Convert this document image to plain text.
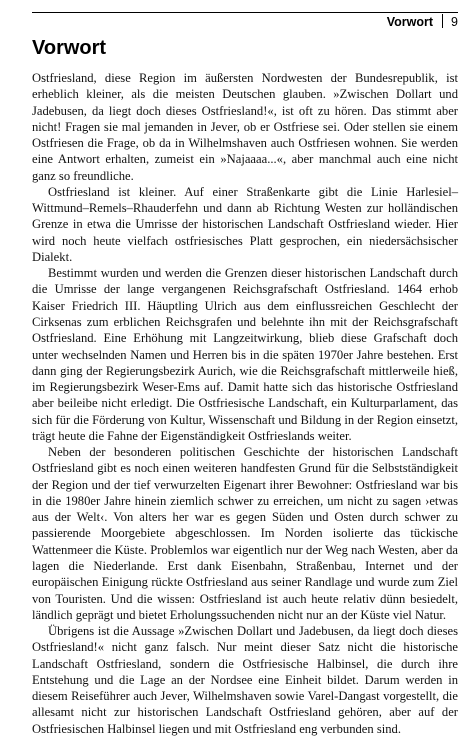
Vorwort 9
Vorwort

Ostfriesland, diese Region im äußersten Nordwesten der Bundesrepublik, ist erheblich kleiner, als die meisten Deutschen glauben. »Zwischen Dollart und Jadebusen, da liegt doch dieses Ostfriesland!«, ist oft zu hören. Das stimmt aber nicht! Fragen sie mal jemanden in Jever, ob er Ostfriese sei. Oder stellen sie einem Ostfriesen die Frage, ob da in Wilhelmshaven auch Ostfriesen wohnen. Sie werden eine Antwort erhalten, zumeist ein »Najaaaa...«, aber manchmal auch eine nicht ganz so freundliche.

Ostfriesland ist kleiner. Auf einer Straßenkarte gibt die Linie Harlesiel–Wittmund–Remels–Rhauderfehn und dann ab Richtung Westen zur holländischen Grenze in etwa die Umrisse der historischen Landschaft Ostfriesland wieder. Hier wird noch heute vielfach ostfriesisches Platt gesprochen, ein niedersächsischer Dialekt.

Bestimmt wurden und werden die Grenzen dieser historischen Landschaft durch die Umrisse der lange vergangenen Reichsgrafschaft Ostfriesland. 1464 erhob Kaiser Friedrich III. Häuptling Ulrich aus dem einflussreichen Geschlecht der Cirksenas zum erblichen Reichsgrafen und belehnte ihn mit der Reichsgrafschaft Ostfriesland. Eine Erhöhung mit Langzeitwirkung, blieb diese Grafschaft doch unter wechselnden Namen und Herren bis in die späten 1970er Jahre bestehen. Erst dann ging der Regierungsbezirk Aurich, wie die Reichsgrafschaft mittlerweile hieß, im Regierungsbezirk Weser-Ems auf. Damit hatte sich das historische Ostfriesland aber beileibe nicht erledigt. Die Ostfriesische Landschaft, ein Kulturparlament, das sich für die Förderung von Kultur, Wissenschaft und Bildung in der Region einsetzt, trägt heute die Fahne der Eigenständigkeit Ostfrieslands weiter.

Neben der besonderen politischen Geschichte der historischen Landschaft Ostfriesland gibt es noch einen weiteren handfesten Grund für die Selbstständigkeit der Region und der tief verwurzelten Eigenart ihrer Bewohner: Ostfriesland war bis in die 1980er Jahre hinein ziemlich schwer zu erreichen, um nicht zu sagen ›etwas aus der Welt‹. Von alters her war es gegen Süden und Osten durch schwer zu passierende Moorgebiete abgeschlossen. Im Norden isolierte das tückische Wattenmeer die Küste. Problemlos war eigentlich nur der Weg nach Westen, aber da lagen die Niederlande. Erst dank Eisenbahn, Straßenbau, Internet und der europäischen Einigung rückte Ostfriesland aus seiner Randlage und wurde zum Ziel von Touristen. Und die wissen: Ostfriesland ist auch heute relativ dünn besiedelt, ländlich geprägt und bietet Erholungssuchenden nicht nur an der Küste viel Natur.

Übrigens ist die Aussage »Zwischen Dollart und Jadebusen, da liegt doch dieses Ostfriesland!« nicht ganz falsch. Nur meint dieser Satz nicht die historische Landschaft Ostfriesland, sondern die Ostfriesische Halbinsel, die durch ihre Entstehung und die Lage an der Nordsee eine Einheit bildet. Darum werden in diesem Reiseführer auch Jever, Wilhelmshaven sowie Varel-Dangast vorgestellt, die allesamt nicht zur historischen Landschaft Ostfriesland gehören, aber auf der Ostfriesischen Halbinsel liegen und mit Ostfriesland eng verbunden sind.
